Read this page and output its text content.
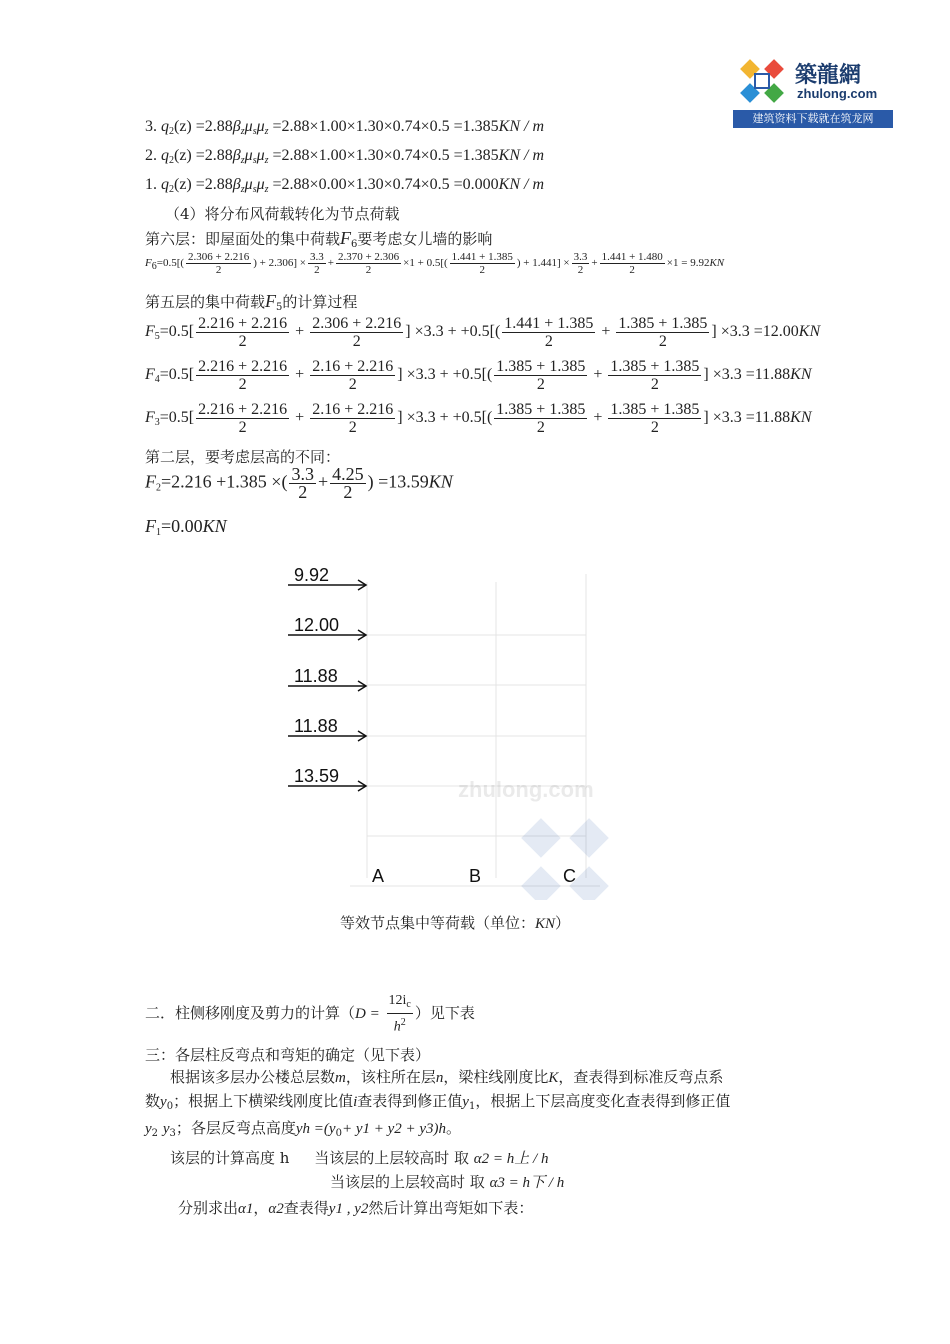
築龍網
zhulong.com
建筑资料下载就在筑龙网
3. $q_2(z) =2.88\beta_z\mu_s\mu_z =2.88\times 1.00\times 1.30\times 0.74\times 0.5 =1.385KN / m$
2. $q_2(z) =2.88\beta_z\mu_s\mu_z =2.88\times 1.00\times 1.30\times 0.74\times 0.5 =1.385KN / m$
1. $q_2(z) =2.88\beta_z\mu_s\mu_z =2.88\times 0.00\times 1.30\times 0.74\times 0.5 =0.000KN / m$
（4）将分布风荷载转化为节点荷载
第六层：即屋面处的集中荷载$F_6$要考虑女儿墙的影响
$F_6=0.5[( \frac{2.306 + 2.216}{2}$ ) + $2.306] \times \frac{3.3}{2} + \frac{2.370 + 2.306}{2} \times 1 + 0.5[( \frac{1.441 + 1.385}{2}$ ) + $1.441] \times \frac{3.3}{2} + \frac{1.441 + 1.480}{2} \times 1 = 9.92KN$
第五层的集中荷载$F_5$的计算过程
$F_5=0.5[ \frac{2.216 + 2.216}{2} + \frac{2.306 + 2.216}{2}$ ] $\times 3.3 + +0.5[( \frac{1.441 + 1.385}{2} + \frac{1.385 + 1.385}{2}$ ] ×3.3 =12.00KN
$F_4=0.5[ \frac{2.216 + 2.216}{2} + \frac{2.16 + 2.216}{2}$ ] $\times 3.3 + +0.5[( \frac{1.385 + 1.385}{2} + \frac{1.385 + 1.385}{2}$ ] ×3.3 =11.88KN
$F_3=0.5[ \frac{2.216 + 2.216}{2} + \frac{2.16 + 2.216}{2}$ ] $\times 3.3 + +0.5[( \frac{1.385 + 1.385}{2} + \frac{1.385 + 1.385}{2}$ ] ×3.3 =11.88KN
第二层，要考虑层高的不同：
$F_2=2.216 +1.385$ ×( $\frac{3.3}{2} + \frac{4.25}{2}$ ) =13.59KN
$F_1=0.00KN$
9.92
12.00
11.88
11.88
13.59
zhulong.com
A	B	C
等效节点集中等荷载（单位：KN）
二．柱侧移刚度及剪力的计算（$D = \frac{12i_c}{h^2}$ ）见下表
三：各层柱反弯点和弯矩的确定（见下表）
根据该多层办公楼总层数m，该柱所在层n，梁柱线刚度比K，查表得到标准反弯点系
数$y_0$；根据上下横梁线刚度比值i查表得到修正值$y_1$，根据上下层高度变化查表得到修正值
$y_2$ $y_3$；各层反弯点高度yh $=(y_0+ y1 + y2 + y3)h$。
该层的计算高度 h 当该层的上层较高时 取 α2 = h上 / h
当该层的上层较高时 取 α3 = h下 / h
分别求出α1，α2查表得y1 , y2然后计算出弯矩如下表：
